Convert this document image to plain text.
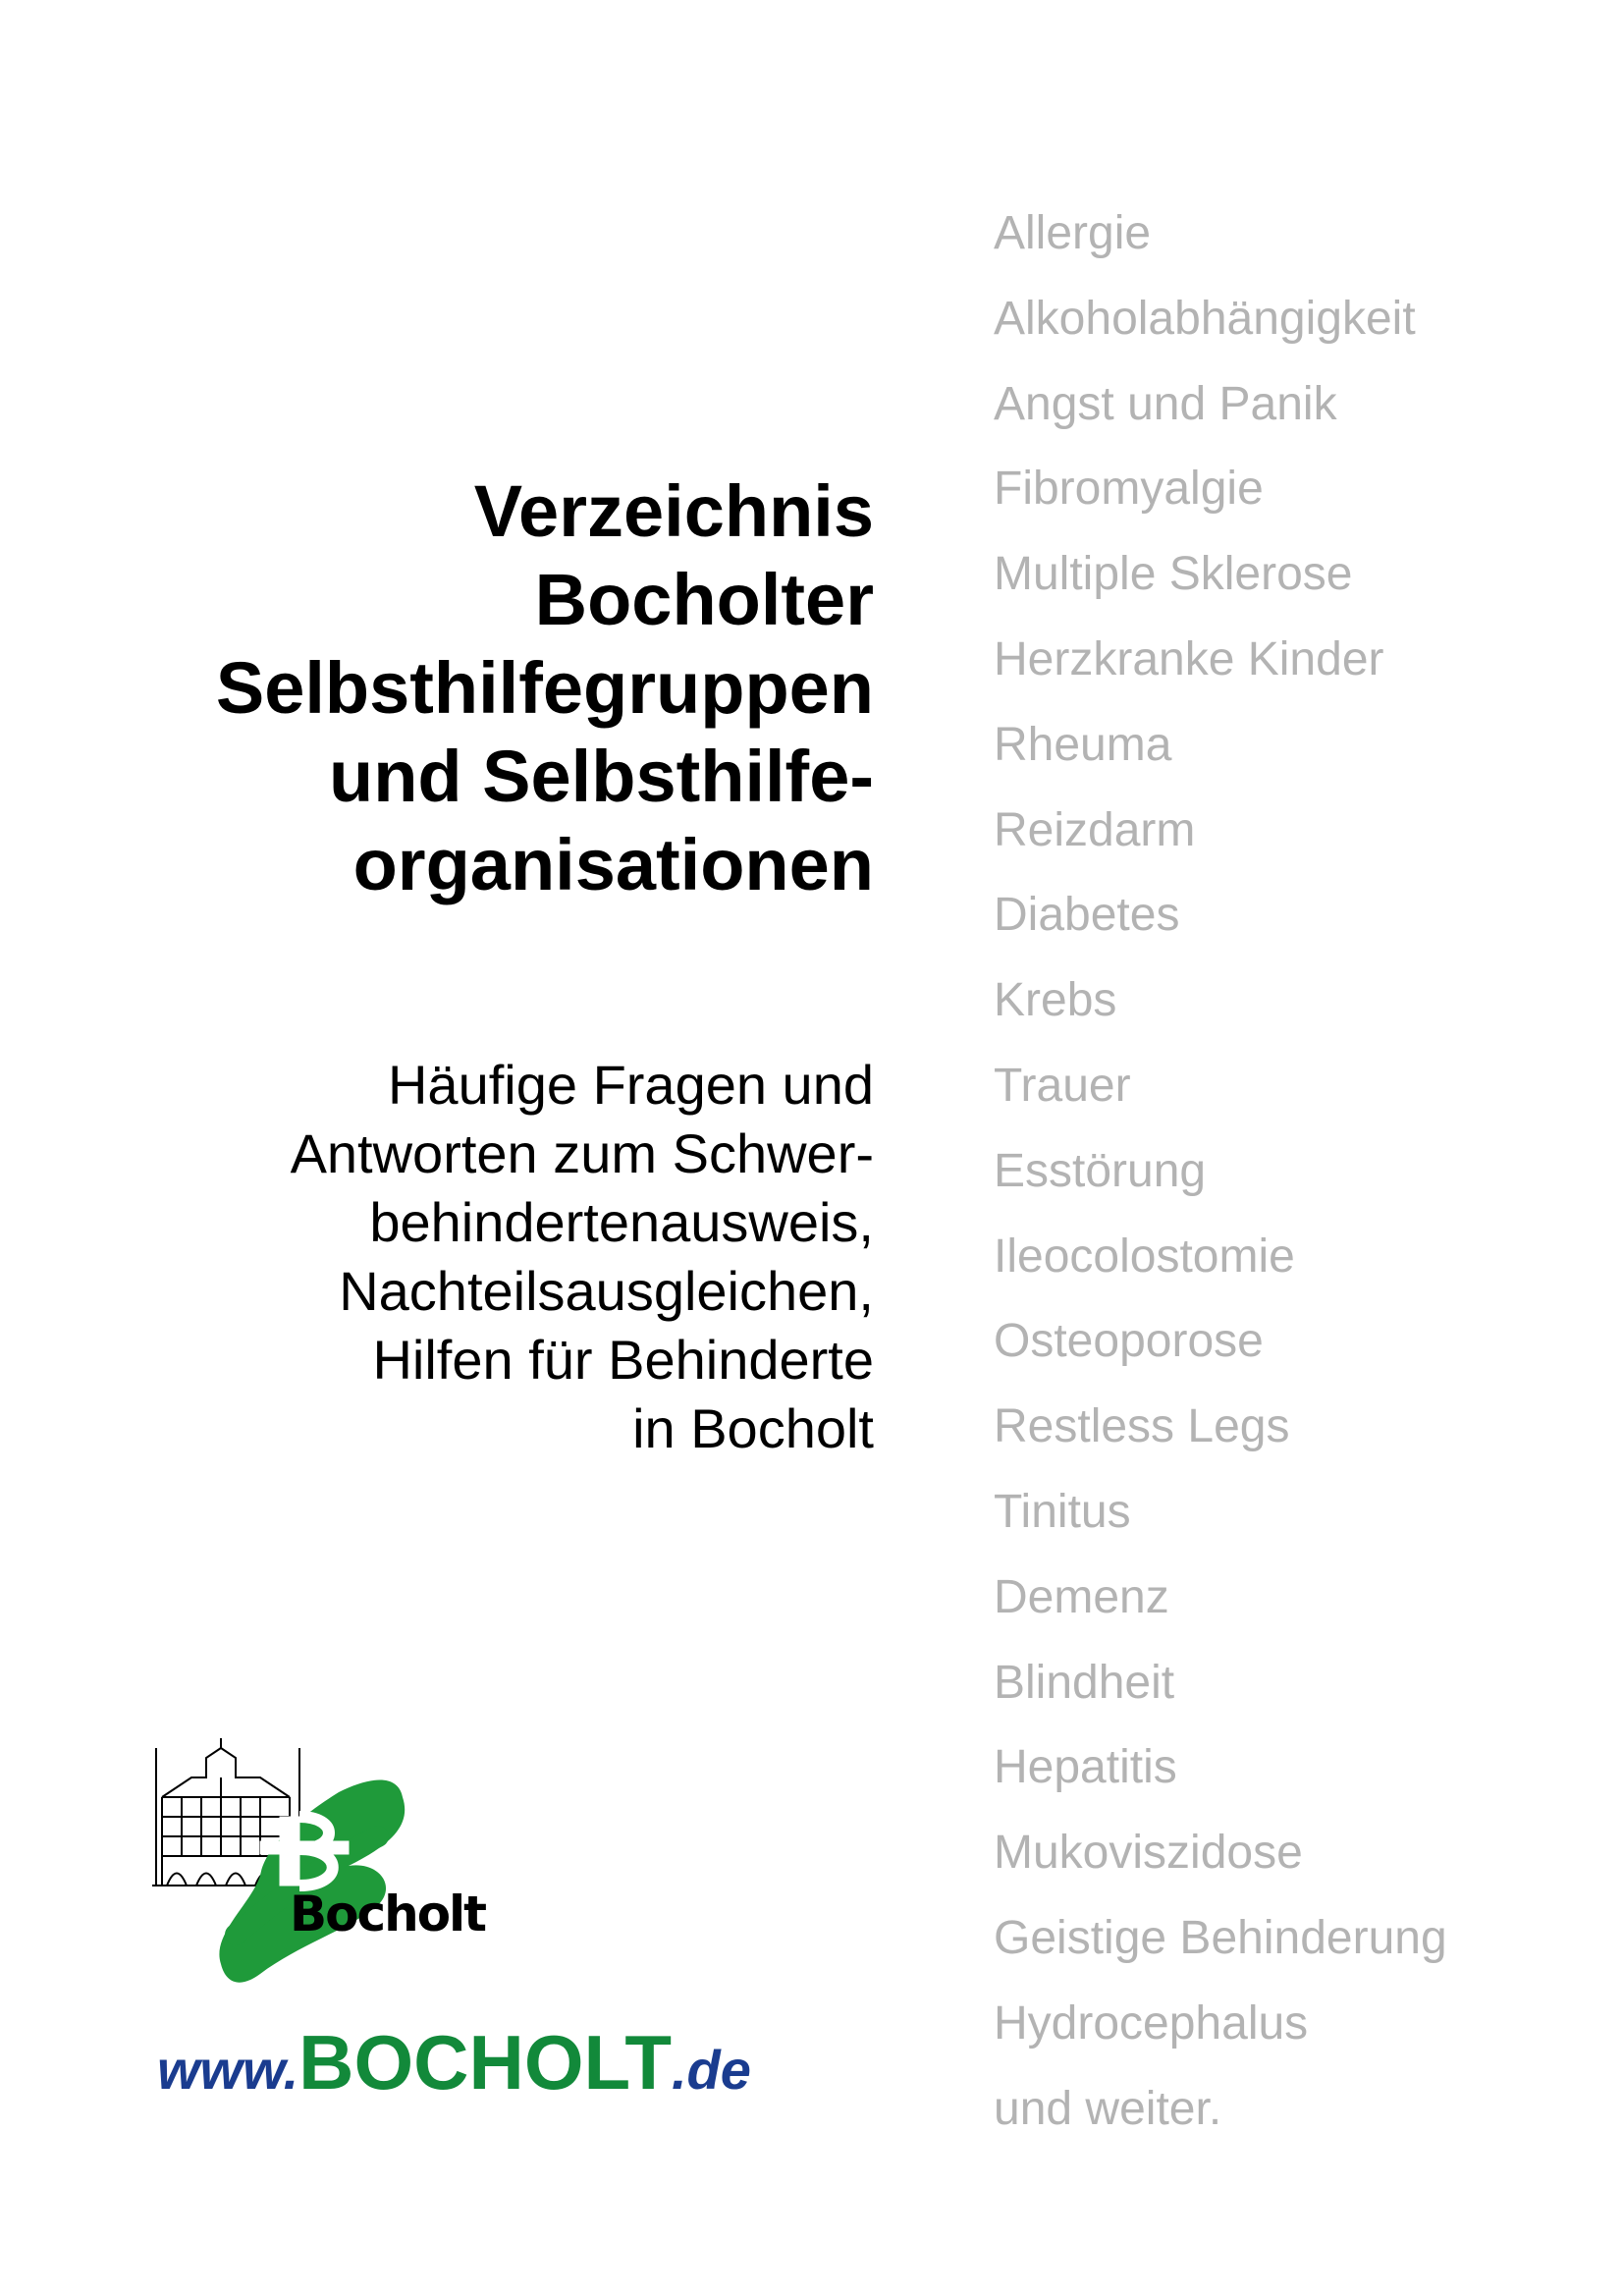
Verzeichnis
Bocholter
Selbsthilfegruppen
und Selbsthilfe-
organisationen
Häufige Fragen und
Antworten zum Schwer-
behindertenausweis,
Nachteilsausgleichen,
Hilfen für Behinderte
in Bocholt
Allergie
Alkoholabhängigkeit
Angst und Panik
Fibromyalgie
Multiple Sklerose
Herzkranke Kinder
Rheuma
Reizdarm
Diabetes
Krebs
Trauer
Esstörung
Ileocolostomie
Osteoporose
Restless Legs
Tinitus
Demenz
Blindheit
Hepatitis
Mukoviszidose
Geistige Behinderung
Hydrocephalus
und weiter.
Bocholt
www.BOCHOLT.de
